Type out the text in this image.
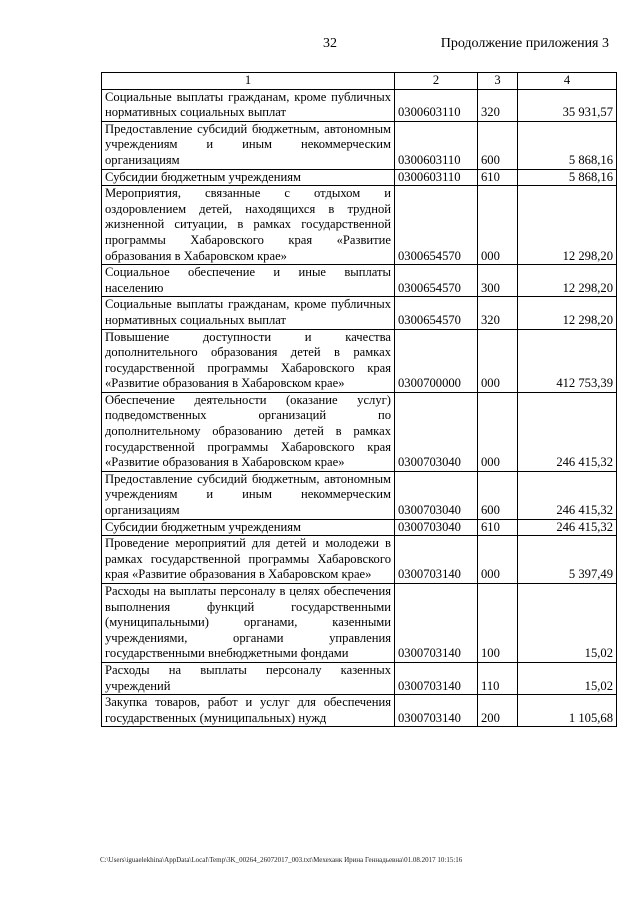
32	Продолжение приложения 3
1	2	3	4
Социальные выплаты гражданам, кроме публичных нормативных социальных выплат	0300603110	320	35 931,57
Предоставление субсидий бюджетным, автономным учреждениям и иным некоммерческим организациям	0300603110	600	5 868,16
Субсидии бюджетным учреждениям	0300603110	610	5 868,16
Мероприятия, связанные с отдыхом и оздоровлением детей, находящихся в трудной жизненной ситуации, в рамках государственной программы Хабаровского края «Развитие образования в Хабаровском крае»	0300654570	000	12 298,20
Социальное обеспечение и иные выплаты населению	0300654570	300	12 298,20
Социальные выплаты гражданам, кроме публичных нормативных социальных выплат	0300654570	320	12 298,20
Повышение доступности и качества дополнительного образования детей в рамках государственной программы Хабаровского края «Развитие образования в Хабаровском крае»	0300700000	000	412 753,39
Обеспечение деятельности (оказание услуг) подведомственных организаций по дополнительному образованию детей в рамках государственной программы Хабаровского края «Развитие образования в Хабаровском крае»	0300703040	000	246 415,32
Предоставление субсидий бюджетным, автономным учреждениям и иным некоммерческим организациям	0300703040	600	246 415,32
Субсидии бюджетным учреждениям	0300703040	610	246 415,32
Проведение мероприятий для детей и молодежи в рамках государственной программы Хабаровского края «Развитие образования в Хабаровском крае»	0300703140	000	5 397,49
Расходы на выплаты персоналу в целях обеспечения выполнения функций государственными (муниципальными) органами, казенными учреждениями, органами управления государственными внебюджетными фондами	0300703140	100	15,02
Расходы на выплаты персоналу казенных учреждений	0300703140	110	15,02
Закупка товаров, работ и услуг для обеспечения государственных (муниципальных) нужд	0300703140	200	1 105,68
C:\Users\iguaelekhina\AppData\Local\Temp\3K_00264_26072017_003.txt\Мехеханк Ирина Геннадьевна\01.08.2017 10:15:16
